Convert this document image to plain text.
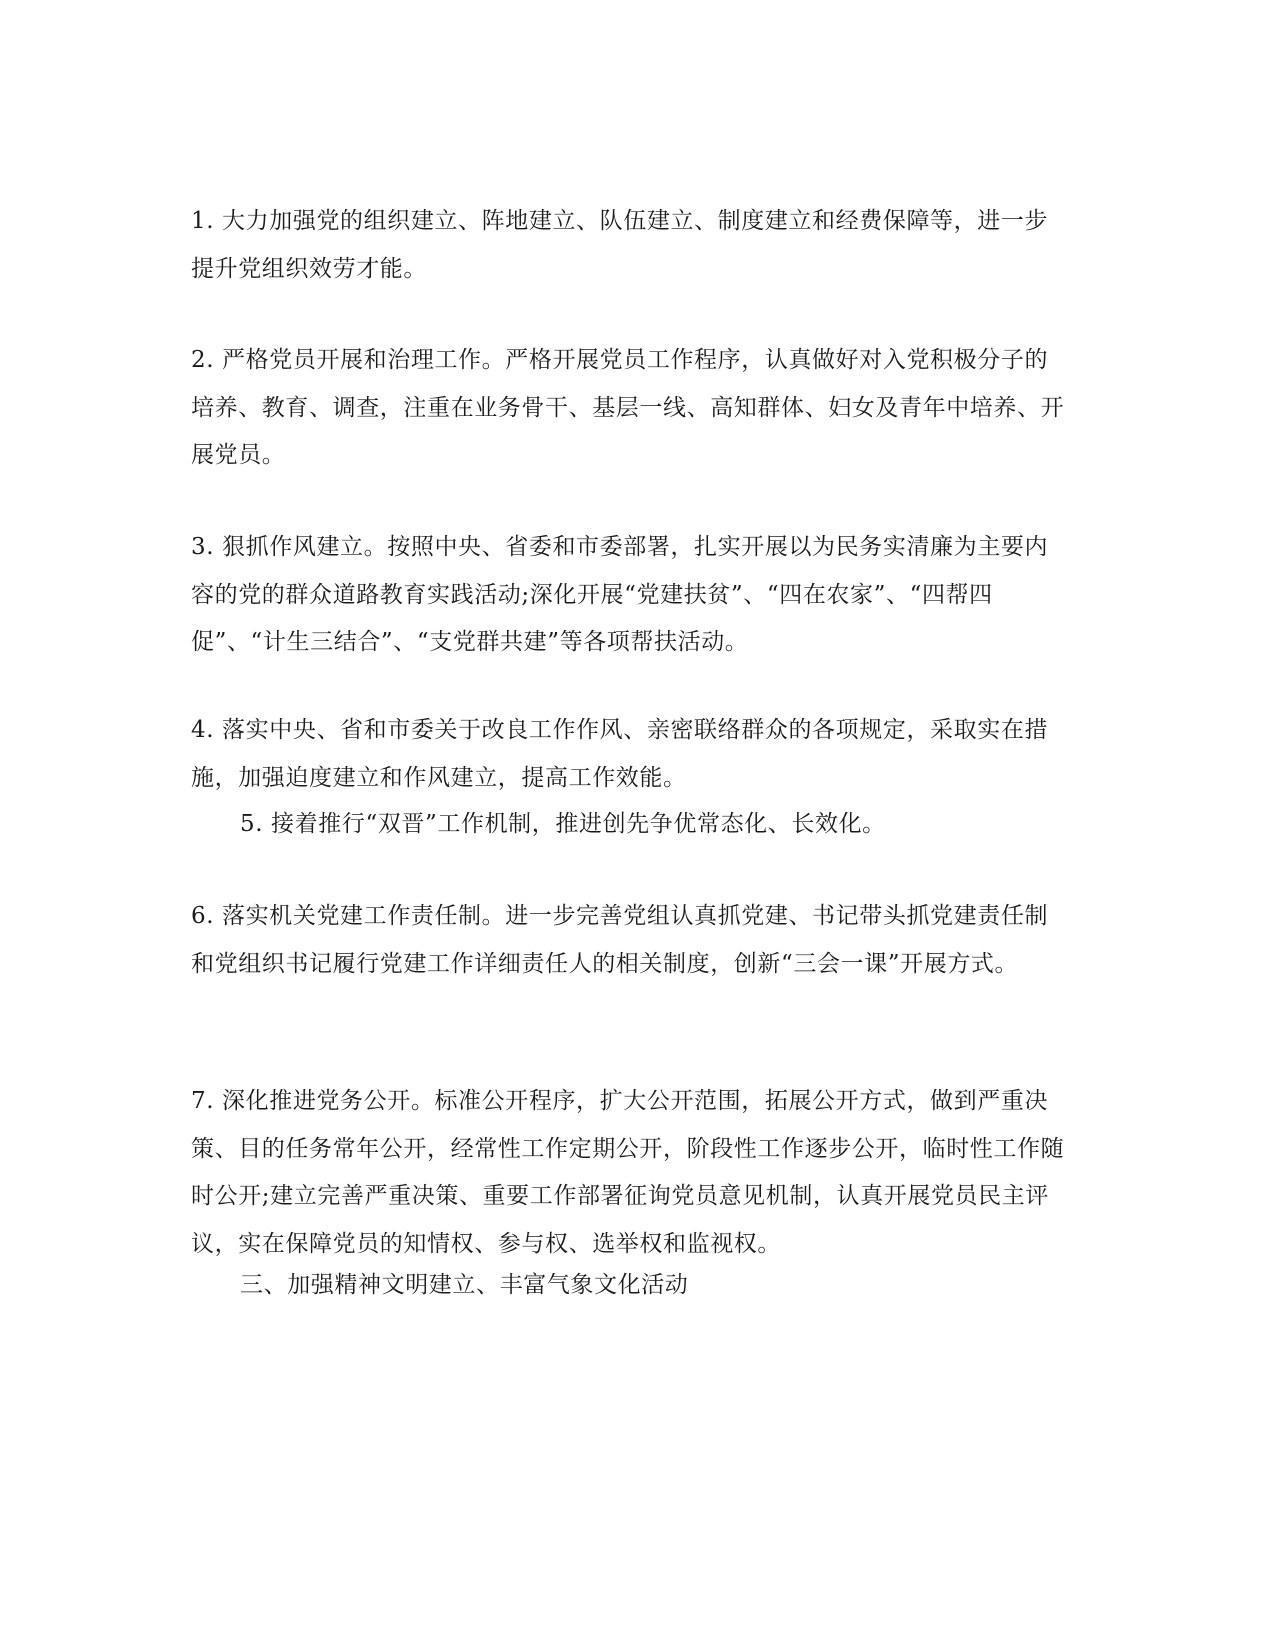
1. 大力加强党的组织建立、阵地建立、队伍建立、制度建立和经费保障等，进一步提升党组织效劳才能。

2. 严格党员开展和治理工作。严格开展党员工作程序，认真做好对入党积极分子的培养、教育、调查，注重在业务骨干、基层一线、高知群体、妇女及青年中培养、开展党员。

3. 狠抓作风建立。按照中央、省委和市委部署，扎实开展以为民务实清廉为主要内容的党的群众道路教育实践活动;深化开展“党建扶贫”、“四在农家”、“四帮四促”、“计生三结合”、“支党群共建”等各项帮扶活动。

4. 落实中央、省和市委关于改良工作作风、亲密联络群众的各项规定，采取实在措施，加强迫度建立和作风建立，提高工作效能。

5. 接着推行“双晋”工作机制，推进创先争优常态化、长效化。

6. 落实机关党建工作责任制。进一步完善党组认真抓党建、书记带头抓党建责任制和党组织书记履行党建工作详细责任人的相关制度，创新“三会一课”开展方式。

7. 深化推进党务公开。标准公开程序，扩大公开范围，拓展公开方式，做到严重决策、目的任务常年公开，经常性工作定期公开，阶段性工作逐步公开，临时性工作随时公开;建立完善严重决策、重要工作部署征询党员意见机制，认真开展党员民主评议，实在保障党员的知情权、参与权、选举权和监视权。

三、加强精神文明建立、丰富气象文化活动
